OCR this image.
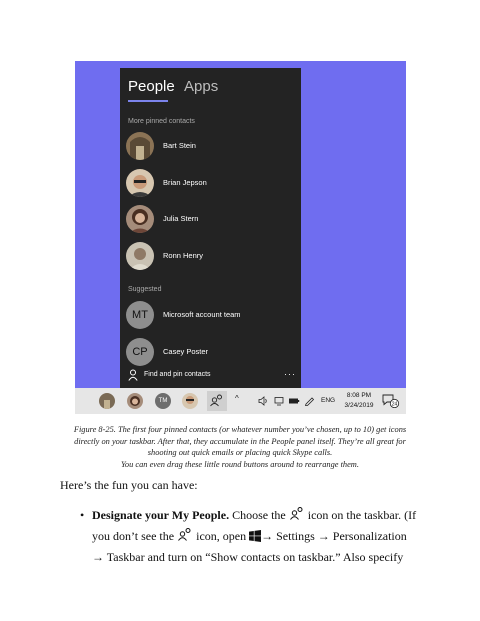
People Apps
More pinned contacts
Bart Stein
Brian Jepson
Julia Stern
Ronn Henry
Suggested
MT	Microsoft account team
CP	Casey Poster
Find and pin contacts	···
TM	^	ENG
8:08 PM
3/24/2019	24
Figure 8-25. The first four pinned contacts (or whatever number you’ve chosen, up to 10) get icons
directly on your taskbar. After that, they accumulate in the People panel itself. They’re all great for
shooting out quick emails or placing quick Skype calls.
You can even drag these little round buttons around to rearrange them.
Here’s the fun you can have:
• Designate your My People. Choose the  icon on the taskbar. (If
you don’t see the  icon, open → Settings → Personalization
→ Taskbar and turn on “Show contacts on taskbar.” Also specify
